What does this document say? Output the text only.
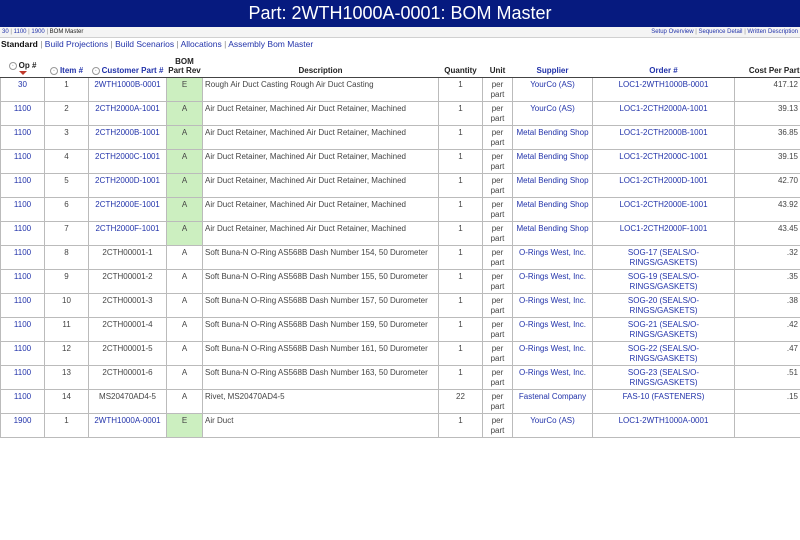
Part: 2WTH1000A-0001: BOM Master
30 | 1100 | 1900 | BOM Master	Setup Overview | Sequence Detail | Written Description
Standard | Build Projections | Build Scenarios | Allocations | Assembly Bom Master
◦ Op #	◦ Item #	◦ Customer Part #	BOM Part Rev	Description	Quantity	Unit	Supplier	Order #	Cost Per Part
30	1	2WTH1000B-0001	E	Rough Air Duct Casting Rough Air Duct Casting	1	per part	YourCo (AS)	LOC1-2WTH1000B-0001	417.12
1100	2	2CTH2000A-1001	A	Air Duct Retainer, Machined Air Duct Retainer, Machined	1	per part	YourCo (AS)	LOC1-2CTH2000A-1001	39.13
1100	3	2CTH2000B-1001	A	Air Duct Retainer, Machined Air Duct Retainer, Machined	1	per part	Metal Bending Shop	LOC1-2CTH2000B-1001	36.85
1100	4	2CTH2000C-1001	A	Air Duct Retainer, Machined Air Duct Retainer, Machined	1	per part	Metal Bending Shop	LOC1-2CTH2000C-1001	39.15
1100	5	2CTH2000D-1001	A	Air Duct Retainer, Machined Air Duct Retainer, Machined	1	per part	Metal Bending Shop	LOC1-2CTH2000D-1001	42.70
1100	6	2CTH2000E-1001	A	Air Duct Retainer, Machined Air Duct Retainer, Machined	1	per part	Metal Bending Shop	LOC1-2CTH2000E-1001	43.92
1100	7	2CTH2000F-1001	A	Air Duct Retainer, Machined Air Duct Retainer, Machined	1	per part	Metal Bending Shop	LOC1-2CTH2000F-1001	43.45
1100	8	2CTH00001-1	A	Soft Buna-N O-Ring AS568B Dash Number 154, 50 Durometer	1	per part	O-Rings West, Inc.	SOG-17 (SEALS/O-RINGS/GASKETS)	.32
1100	9	2CTH00001-2	A	Soft Buna-N O-Ring AS568B Dash Number 155, 50 Durometer	1	per part	O-Rings West, Inc.	SOG-19 (SEALS/O-RINGS/GASKETS)	.35
1100	10	2CTH00001-3	A	Soft Buna-N O-Ring AS568B Dash Number 157, 50 Durometer	1	per part	O-Rings West, Inc.	SOG-20 (SEALS/O-RINGS/GASKETS)	.38
1100	11	2CTH00001-4	A	Soft Buna-N O-Ring AS568B Dash Number 159, 50 Durometer	1	per part	O-Rings West, Inc.	SOG-21 (SEALS/O-RINGS/GASKETS)	.42
1100	12	2CTH00001-5	A	Soft Buna-N O-Ring AS568B Dash Number 161, 50 Durometer	1	per part	O-Rings West, Inc.	SOG-22 (SEALS/O-RINGS/GASKETS)	.47
1100	13	2CTH00001-6	A	Soft Buna-N O-Ring AS568B Dash Number 163, 50 Durometer	1	per part	O-Rings West, Inc.	SOG-23 (SEALS/O-RINGS/GASKETS)	.51
1100	14	MS20470AD4-5	A	Rivet, MS20470AD4-5	22	per part	Fastenal Company	FAS-10 (FASTENERS)	.15
1900	1	2WTH1000A-0001	E	Air Duct	1	per part	YourCo (AS)	LOC1-2WTH1000A-0001	
